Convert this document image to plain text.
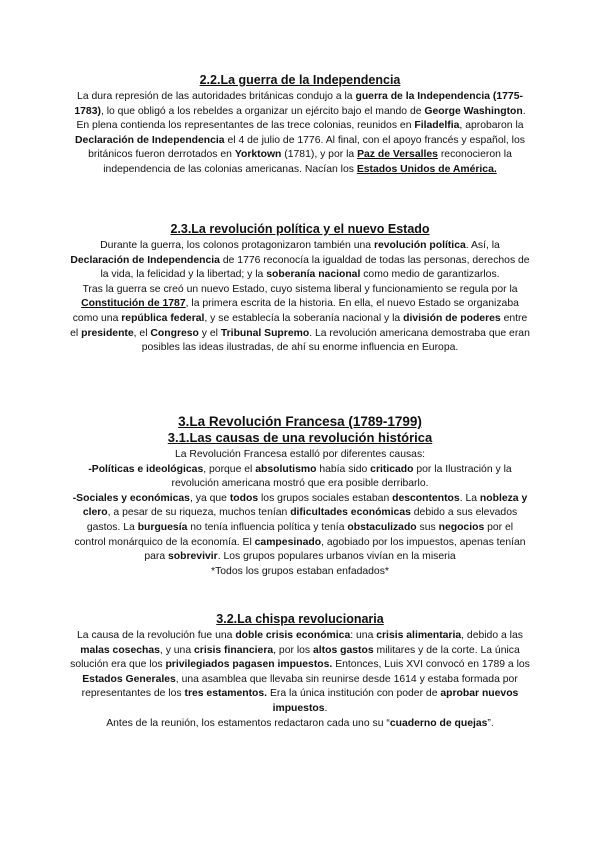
2.2.La guerra de la Independencia

La dura represión de las autoridades británicas condujo a la guerra de la Independencia (1775-1783), lo que obligó a los rebeldes a organizar un ejército bajo el mando de George Washington. En plena contienda los representantes de las trece colonias, reunidos en Filadelfia, aprobaron la Declaración de Independencia el 4 de julio de 1776. Al final, con el apoyo francés y español, los británicos fueron derrotados en Yorktown (1781), y por la Paz de Versalles reconocieron la independencia de las colonias americanas. Nacían los Estados Unidos de América.

2.3.La revolución política y el nuevo Estado

Durante la guerra, los colonos protagonizaron también una revolución política. Así, la Declaración de Independencia de 1776 reconocía la igualdad de todas las personas, derechos de la vida, la felicidad y la libertad; y la soberanía nacional como medio de garantizarlos.

Tras la guerra se creó un nuevo Estado, cuyo sistema liberal y funcionamiento se regula por la Constitución de 1787, la primera escrita de la historia. En ella, el nuevo Estado se organizaba como una república federal, y se establecía la soberanía nacional y la división de poderes entre el presidente, el Congreso y el Tribunal Supremo. La revolución americana demostraba que eran posibles las ideas ilustradas, de ahí su enorme influencia en Europa.

3.La Revolución Francesa (1789-1799)
3.1.Las causas de una revolución histórica

La Revolución Francesa estalló por diferentes causas:

-Políticas e ideológicas, porque el absolutismo había sido criticado por la Ilustración y la revolución americana mostró que era posible derribarlo.

-Sociales y económicas, ya que todos los grupos sociales estaban descontentos. La nobleza y clero, a pesar de su riqueza, muchos tenían dificultades económicas debido a sus elevados gastos. La burguesía no tenía influencia política y tenía obstaculizado sus negocios por el control monárquico de la economía. El campesinado, agobiado por los impuestos, apenas tenían para sobrevivir. Los grupos populares urbanos vivían en la miseria

*Todos los grupos estaban enfadados*

3.2.La chispa revolucionaria

La causa de la revolución fue una doble crisis económica: una crisis alimentaria, debido a las malas cosechas, y una crisis financiera, por los altos gastos militares y de la corte. La única solución era que los privilegiados pagasen impuestos. Entonces, Luis XVI convocó en 1789 a los Estados Generales, una asamblea que llevaba sin reunirse desde 1614 y estaba formada por representantes de los tres estamentos. Era la única institución con poder de aprobar nuevos impuestos.

Antes de la reunión, los estamentos redactaron cada uno su “cuaderno de quejas”.
